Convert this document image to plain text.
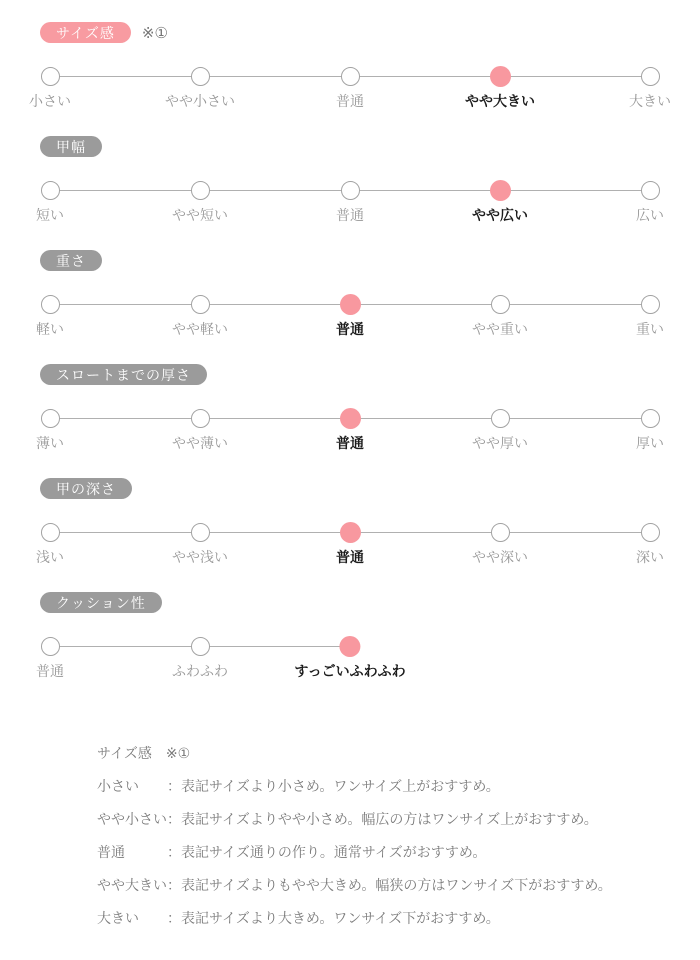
サイズ感	※①
小さい	やや小さい	普通	やや大きい	大きい
甲幅
短い	やや短い	普通	やや広い	広い
重さ
軽い	やや軽い	普通	やや重い	重い
スロートまでの厚さ
薄い	やや薄い	普通	やや厚い	厚い
甲の深さ
浅い	やや浅い	普通	やや深い	深い
クッション性
普通	ふわふわ	すっごいふわふわ
サイズ感 ※①
小さい	： 表記サイズより小さめ。ワンサイズ上がおすすめ。
やや小さい ： 表記サイズよりやや小さめ。幅広の方はワンサイズ上がおすすめ。
普通	： 表記サイズ通りの作り。通常サイズがおすすめ。
やや大きい ： 表記サイズよりもやや大きめ。幅狭の方はワンサイズ下がおすすめ。
大きい	： 表記サイズより大きめ。ワンサイズ下がおすすめ。
